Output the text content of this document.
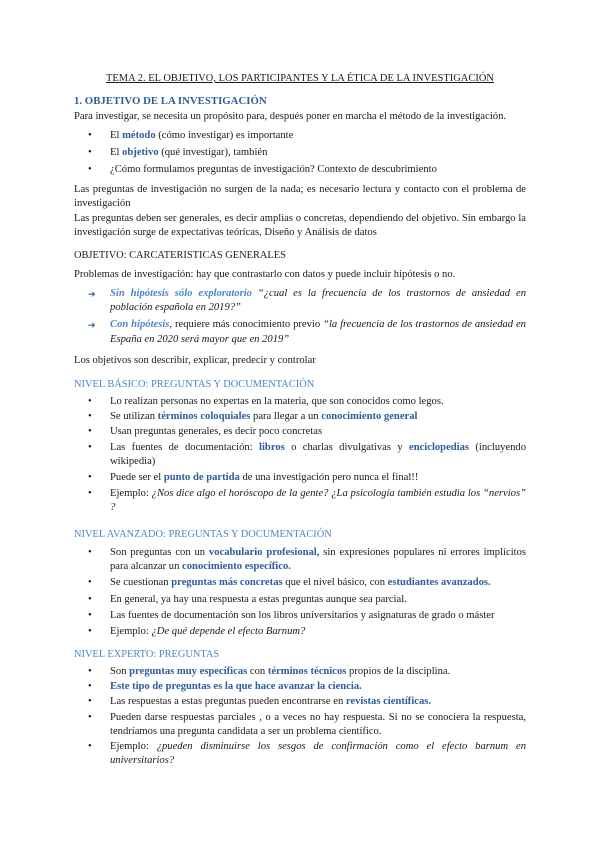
TEMA 2. EL OBJETIVO, LOS PARTICIPANTES Y LA ÉTICA DE LA INVESTIGACIÓN
1. OBJETIVO DE LA INVESTIGACIÓN

Para investigar, se necesita un propósito para, después poner en marcha el método de la investigación.

• El método (cómo investigar) es importante
• El objetivo (qué investigar), también
• ¿Cómo formulamos preguntas de investigación? Contexto de descubrimiento

Las preguntas de investigación no surgen de la nada; es necesario lectura y contacto con el problema de investigación

Las preguntas deben ser generales, es decir amplias o concretas, dependiendo del objetivo. Sin embargo la investigación surge de expectativas teóricas, Diseño y Análisis de datos

OBJETIVO: CARCATERISTICAS GENERALES

Problemas de investigación: hay que contrastarlo con datos y puede incluir hipótesis o no.

➔ Sin hipótesis sólo exploratorio “¿cual es la frecuencia de los trastornos de ansiedad en población española en 2019?”
➔ Con hipótesis, requiere más conocimiento previo “la frecuencia de los trastornos de ansiedad en España en 2020 será mayor que en 2019”

Los objetivos son describir, explicar, predecir y controlar

NIVEL BÁSICO: PREGUNTAS Y DOCUMENTACIÓN
• Lo realizan personas no expertas en la materia, que son conocidos como legos.
• Se utilizan términos coloquiales para llegar a un conocimiento general
• Usan preguntas generales, es decir poco concretas
• Las fuentes de documentación: libros o charlas divulgativas y enciclopedias (incluyendo wikipedia)
• Puede ser el punto de partida de una investigación pero nunca el final!!
• Ejemplo: ¿Nos dice algo el horóscopo de la gente? ¿La psicología también estudia los “nervios” ?
NIVEL AVANZADO: PREGUNTAS Y DOCUMENTACIÓN
• Son preguntas con un vocabulario profesional, sin expresiones populares ni errores implícitos para alcanzar un conocimiento específico.
• Se cuestionan preguntas más concretas que el nivel básico, con estudiantes avanzados.
• En general, ya hay una respuesta a estas preguntas aunque sea parcial.
• Las fuentes de documentación son los libros universitarios y asignaturas de grado o máster
• Ejemplo: ¿De qué depende el efecto Barnum?
NIVEL EXPERTO: PREGUNTAS
• Son preguntas muy específicas con términos técnicos propios de la disciplina.
• Este tipo de preguntas es la que hace avanzar la ciencia.
• Las respuestas a estas preguntas pueden encontrarse en revistas científicas.
• Pueden darse respuestas parciales , o a veces no hay respuesta. Si no se conociera la respuesta, tendríamos una pregunta candidata a ser un problema científico.
• Ejemplo: ¿pueden disminuirse los sesgos de confirmación como el efecto barnum en universitarios?
